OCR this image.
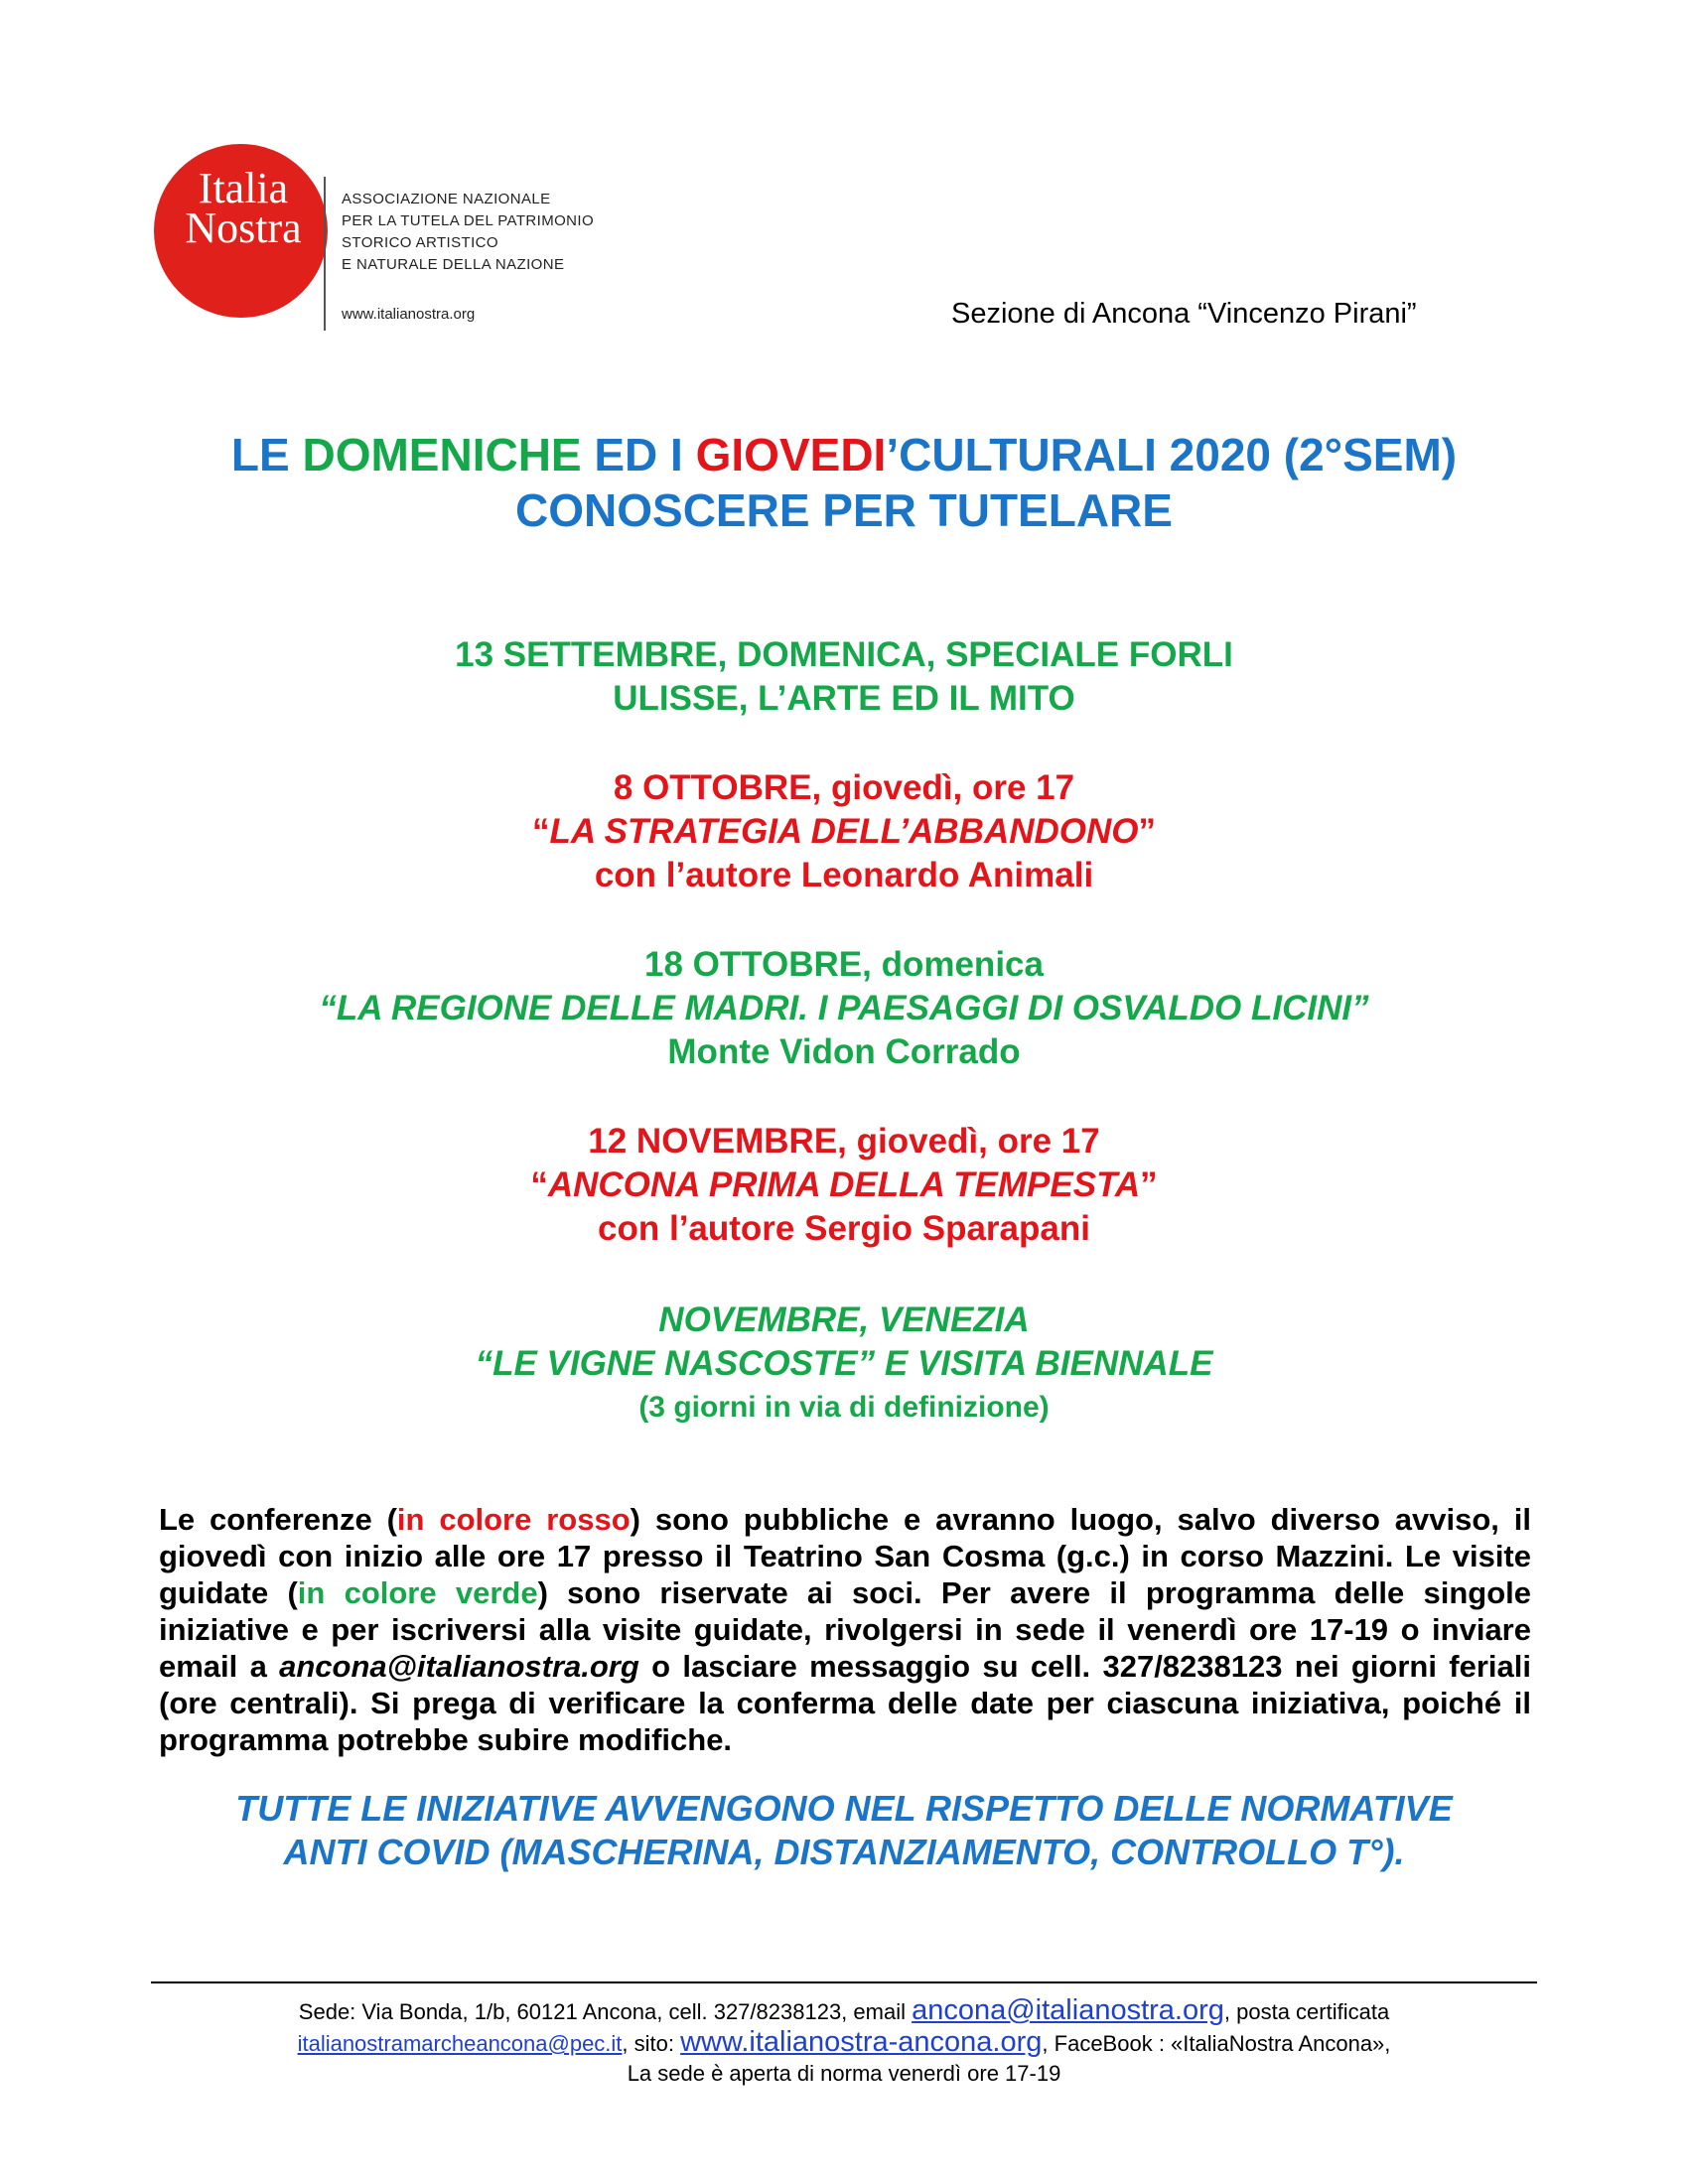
Italia
Nostra
ASSOCIAZIONE NAZIONALE
PER LA TUTELA DEL PATRIMONIO
STORICO ARTISTICO
E NATURALE DELLA NAZIONE
www.italianostra.org	Sezione di Ancona “Vincenzo Pirani”
LE DOMENICHE ED I GIOVEDI’CULTURALI 2020 (2°SEM)
CONOSCERE PER TUTELARE
13 SETTEMBRE, DOMENICA, SPECIALE FORLI
ULISSE, L’ARTE ED IL MITO
8 OTTOBRE, giovedì, ore 17
“LA STRATEGIA DELL’ABBANDONO”
con l’autore Leonardo Animali
18 OTTOBRE, domenica
“LA REGIONE DELLE MADRI. I PAESAGGI DI OSVALDO LICINI”
Monte Vidon Corrado
12 NOVEMBRE, giovedì, ore 17
“ANCONA PRIMA DELLA TEMPESTA”
con l’autore Sergio Sparapani
NOVEMBRE, VENEZIA
“LE VIGNE NASCOSTE” E VISITA BIENNALE
(3 giorni in via di definizione)
Le conferenze (in colore rosso) sono pubbliche e avranno luogo, salvo diverso avviso, il giovedì con inizio alle ore 17 presso il Teatrino San Cosma (g.c.) in corso Mazzini. Le visite guidate (in colore verde) sono riservate ai soci. Per avere il programma delle singole iniziative e per iscriversi alla visite guidate, rivolgersi in sede il venerdì ore 17-19 o inviare email a ancona@italianostra.org o lasciare messaggio su cell. 327/8238123 nei giorni feriali (ore centrali). Si prega di verificare la conferma delle date per ciascuna iniziativa, poiché il programma potrebbe subire modifiche.
TUTTE LE INIZIATIVE AVVENGONO NEL RISPETTO DELLE NORMATIVE
ANTI COVID (MASCHERINA, DISTANZIAMENTO, CONTROLLO T°).
Sede: Via Bonda, 1/b, 60121 Ancona, cell. 327/8238123, email ancona@italianostra.org, posta certificata
italianostramarcheancona@pec.it, sito: www.italianostra-ancona.org, FaceBook : «ItaliaNostra Ancona»,
La sede è aperta di norma venerdì ore 17-19
